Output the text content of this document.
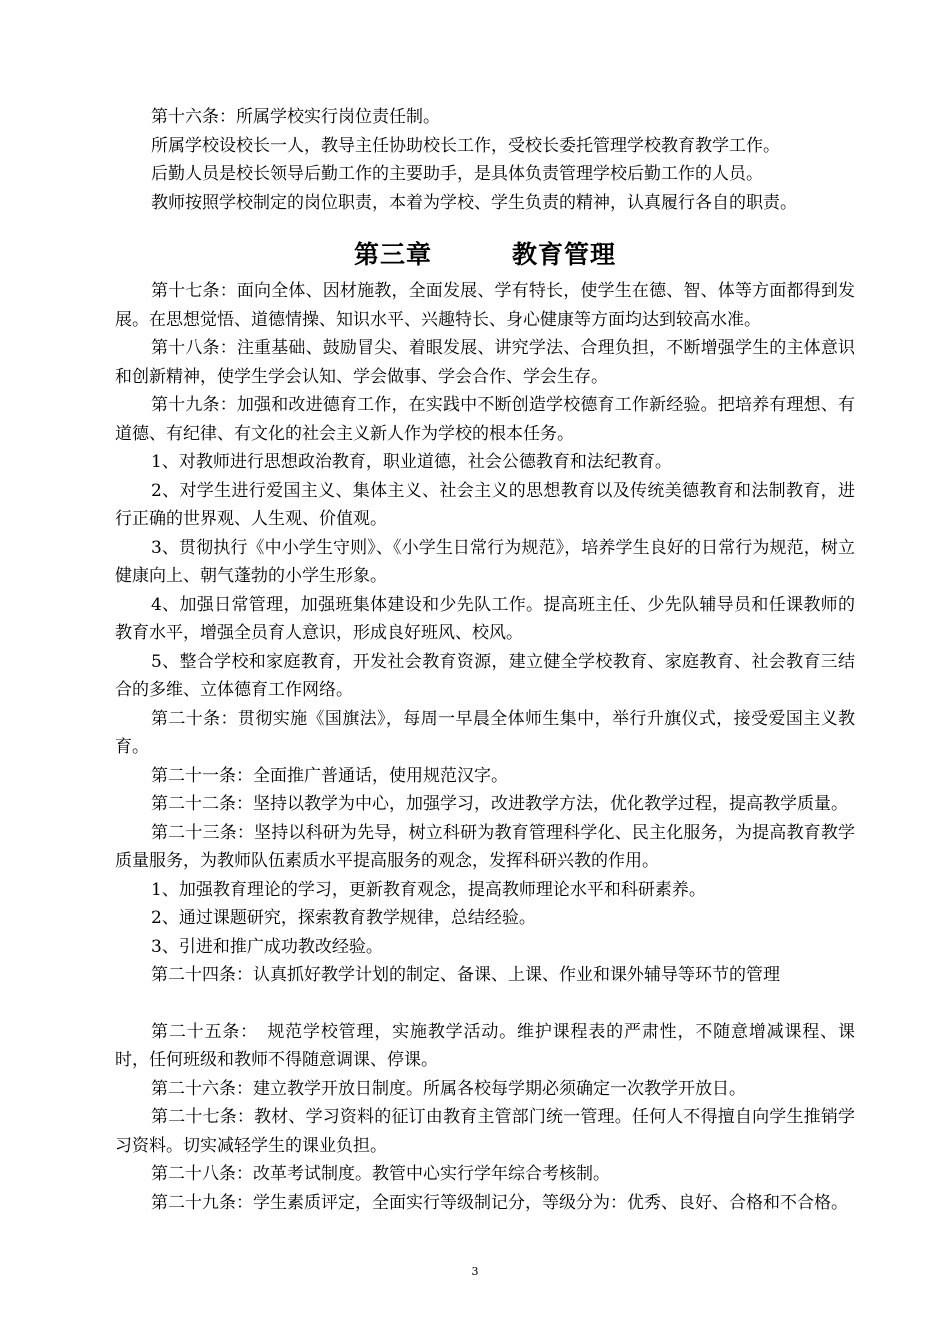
第十六条：所属学校实行岗位责任制。

所属学校设校长一人，教导主任协助校长工作，受校长委托管理学校教育教学工作。

后勤人员是校长领导后勤工作的主要助手，是具体负责管理学校后勤工作的人员。

教师按照学校制定的岗位职责，本着为学校、学生负责的精神，认真履行各自的职责。

第三章	教育管理

第十七条：面向全体、因材施教，全面发展、学有特长，使学生在德、智、体等方面都得到发展。在思想觉悟、道德情操、知识水平、兴趣特长、身心健康等方面均达到较高水准。

第十八条：注重基础、鼓励冒尖、着眼发展、讲究学法、合理负担，不断增强学生的主体意识和创新精神，使学生学会认知、学会做事、学会合作、学会生存。

第十九条：加强和改进德育工作，在实践中不断创造学校德育工作新经验。把培养有理想、有道德、有纪律、有文化的社会主义新人作为学校的根本任务。

1、对教师进行思想政治教育，职业道德，社会公德教育和法纪教育。

2、对学生进行爱国主义、集体主义、社会主义的思想教育以及传统美德教育和法制教育，进行正确的世界观、人生观、价值观。

3、贯彻执行《中小学生守则》、《小学生日常行为规范》，培养学生良好的日常行为规范，树立健康向上、朝气蓬勃的小学生形象。

4、加强日常管理，加强班集体建设和少先队工作。提高班主任、少先队辅导员和任课教师的教育水平，增强全员育人意识，形成良好班风、校风。

5、整合学校和家庭教育，开发社会教育资源，建立健全学校教育、家庭教育、社会教育三结合的多维、立体德育工作网络。

第二十条：贯彻实施《国旗法》，每周一早晨全体师生集中，举行升旗仪式，接受爱国主义教育。

第二十一条：全面推广普通话，使用规范汉字。

第二十二条：坚持以教学为中心，加强学习，改进教学方法，优化教学过程，提高教学质量。

第二十三条：坚持以科研为先导，树立科研为教育管理科学化、民主化服务，为提高教育教学质量服务，为教师队伍素质水平提高服务的观念，发挥科研兴教的作用。

1、加强教育理论的学习，更新教育观念，提高教师理论水平和科研素养。

2、通过课题研究，探索教育教学规律，总结经验。

3、引进和推广成功教改经验。

第二十四条：认真抓好教学计划的制定、备课、上课、作业和课外辅导等环节的管理

第二十五条：　规范学校管理，实施教学活动。维护课程表的严肃性，不随意增减课程、课时，任何班级和教师不得随意调课、停课。

第二十六条：建立教学开放日制度。所属各校每学期必须确定一次教学开放日。

第二十七条：教材、学习资料的征订由教育主管部门统一管理。任何人不得擅自向学生推销学习资料。切实减轻学生的课业负担。

第二十八条：改革考试制度。教管中心实行学年综合考核制。

第二十九条：学生素质评定，全面实行等级制记分，等级分为：优秀、良好、合格和不合格。

3
